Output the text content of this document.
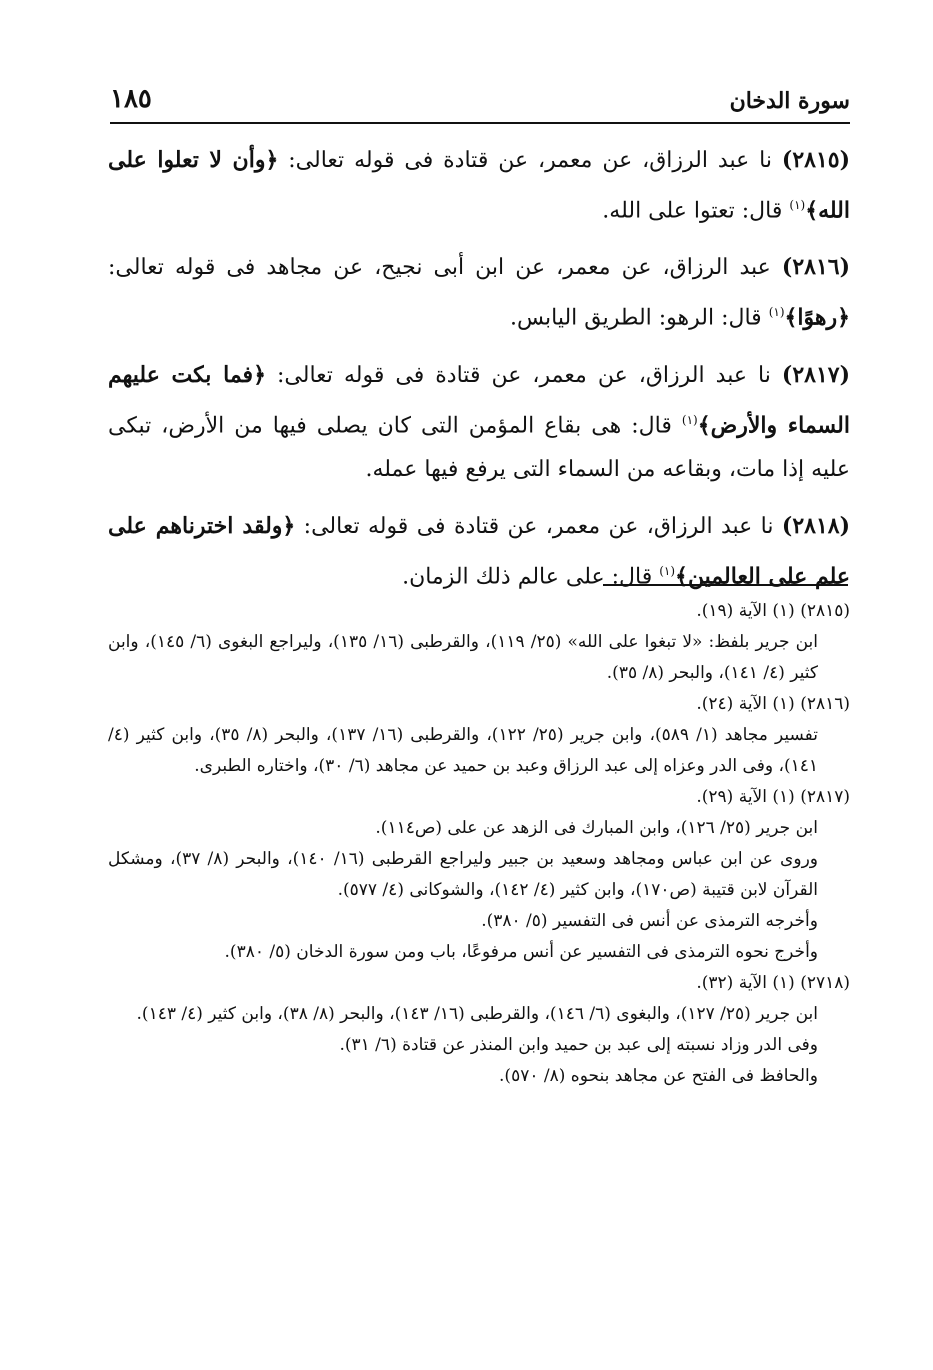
سورة الدخان
١٨٥

(٢٨١٥) نا عبد الرزاق، عن معمر، عن قتادة فى قوله تعالى: ﴿وأن لا تعلوا على الله﴾$^{(١)}$ قال: تعتوا على الله.

(٢٨١٦) عبد الرزاق، عن معمر، عن ابن أبى نجيح، عن مجاهد فى قوله تعالى: ﴿رهوًا﴾$^{(١)}$ قال: الرهو: الطريق اليابس.

(٢٨١٧) نا عبد الرزاق، عن معمر، عن قتادة فى قوله تعالى: ﴿فما بكت عليهم السماء والأرض﴾$^{(١)}$ قال: هى بقاع المؤمن التى كان يصلى فيها من الأرض، تبكى عليه إذا مات، وبقاعه من السماء التى يرفع فيها عمله.

(٢٨١٨) نا عبد الرزاق، عن معمر، عن قتادة فى قوله تعالى: ﴿ولقد اخترناهم على علم على العالمين﴾$^{(١)}$ قال: على عالم ذلك الزمان.

(٢٨١٥) (١) الآية (١٩).

ابن جرير بلفظ: «لا تبغوا على الله» (٢٥/ ١١٩)، والقرطبى (١٦/ ١٣٥)، وليراجع البغوى (٦/ ١٤٥)، وابن كثير (٤/ ١٤١)، والبحر (٨/ ٣٥).

(٢٨١٦) (١) الآية (٢٤).

تفسير مجاهد (١/ ٥٨٩)، وابن جرير (٢٥/ ١٢٢)، والقرطبى (١٦/ ١٣٧)، والبحر (٨/ ٣٥)، وابن كثير (٤/ ١٤١)، وفى الدر وعزاه إلى عبد الرزاق وعبد بن حميد عن مجاهد (٦/ ٣٠)، واختاره الطبرى.

(٢٨١٧) (١) الآية (٢٩).

ابن جرير (٢٥/ ١٢٦)، وابن المبارك فى الزهد عن على (ص١١٤).

وروى عن ابن عباس ومجاهد وسعيد بن جبير وليراجع القرطبى (١٦/ ١٤٠)، والبحر (٨/ ٣٧)، ومشكل القرآن لابن قتيبة (ص١٧٠)، وابن كثير (٤/ ١٤٢)، والشوكانى (٤/ ٥٧٧).

وأخرجه الترمذى عن أنس فى التفسير (٥/ ٣٨٠).

وأخرج نحوه الترمذى فى التفسير عن أنس مرفوعًا، باب ومن سورة الدخان (٥/ ٣٨٠).

(٢٧١٨) (١) الآية (٣٢).

ابن جرير (٢٥/ ١٢٧)، والبغوى (٦/ ١٤٦)، والقرطبى (١٦/ ١٤٣)، والبحر (٨/ ٣٨)، وابن كثير (٤/ ١٤٣).

وفى الدر وزاد نسبته إلى عبد بن حميد وابن المنذر عن قتادة (٦/ ٣١).

والحافظ فى الفتح عن مجاهد بنحوه (٨/ ٥٧٠).
